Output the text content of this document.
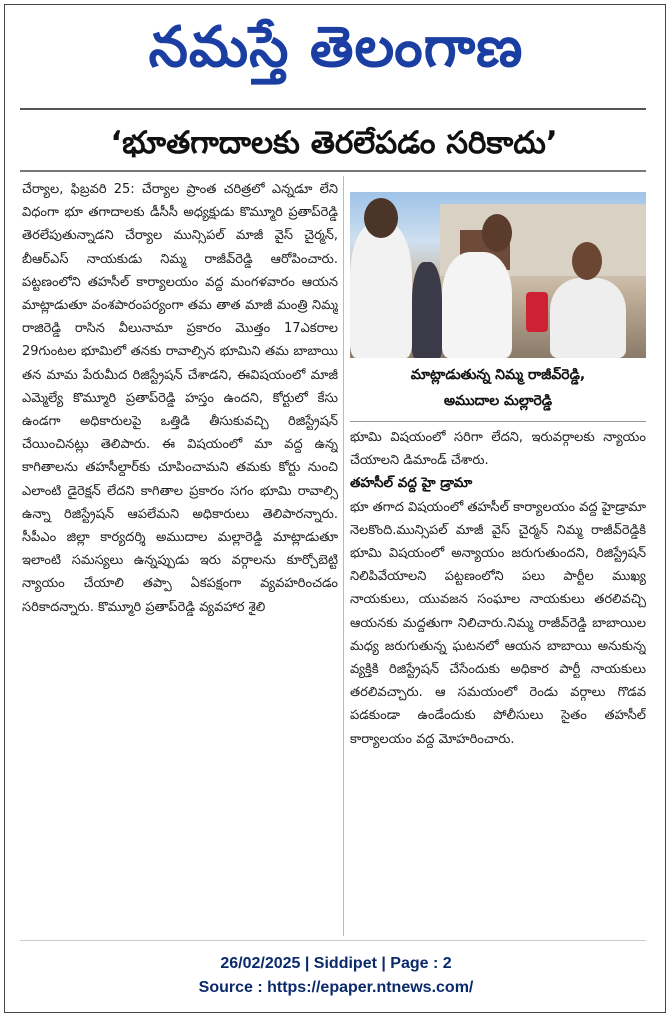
నమస్తే తెలంగాణ
‘భూతగాదాలకు తెరలేపడం సరికాదు’

చేర్యాల, ఫిబ్రవరి 25: చేర్యాల ప్రాంత చరిత్రలో ఎన్నడూ లేని విధంగా భూ తగాదాలకు డీసీసీ అధ్యక్షుడు కొమ్మూరి ప్రతాప్‌రెడ్డి తెరలేపుతున్నాడని చేర్యాల మున్సిపల్ మాజీ వైస్ చైర్మన్, బీఆర్ఎస్ నాయకుడు నిమ్మ రాజీవ్‌రెడ్డి ఆరోపించారు. పట్టణంలోని తహసీల్ కార్యాలయం వద్ద మంగళవారం ఆయన మాట్లాడుతూ వంశపారంపర్యంగా తమ తాత మాజీ మంత్రి నిమ్మ రాజిరెడ్డి రాసిన వీలునామా ప్రకారం మొత్తం 17ఎకరాల 29గుంటల భూమిలో తనకు రావాల్సిన భూమిని తమ బాబాయి తన మామ పేరుమీద రిజిస్ట్రేషన్ చేశాడని, ఈవిషయంలో మాజీ ఎమ్మెల్యే కొమ్మూరి ప్రతాప్‌రెడ్డి హస్తం ఉందని, కోర్టులో కేసు ఉండగా అధికారులపై ఒత్తిడి తీసుకువచ్చి రిజిస్ట్రేషన్ చేయించినట్లు తెలిపారు. ఈ విషయంలో మా వద్ద ఉన్న కాగితాలను తహసీల్దార్‌కు చూపించామని తమకు కోర్టు నుంచి ఎలాంటి డైరెక్షన్ లేదని కాగితాల ప్రకారం సగం భూమి రావాల్సి ఉన్నా రిజిస్ట్రేషన్ ఆపలేమని అధికారులు తెలిపారన్నారు. సీపీఎం జిల్లా కార్యదర్శి అముదాల మల్లారెడ్డి మాట్లాడుతూ ఇలాంటి సమస్యలు ఉన్నప్పుడు ఇరు వర్గాలను కూర్చోబెట్టి న్యాయం చేయాలి తప్పా ఏకపక్షంగా వ్యవహరించడం సరికాదన్నారు. కొమ్మూరి ప్రతాప్‌రెడ్డి వ్యవహార శైలి

మాట్లాడుతున్న నిమ్మ రాజీవ్‌రెడ్డి,
అముదాల మల్లారెడ్డి

భూమి విషయంలో సరిగా లేదని, ఇరువర్గాలకు న్యాయం చేయాలని డిమాండ్ చేశారు.

తహసీల్ వద్ద హై డ్రామా

భూ తగాద విషయంలో తహసీల్ కార్యాలయం వద్ద హైడ్రామా నెలకొంది.మున్సిపల్ మాజీ వైస్ చైర్మన్ నిమ్మ రాజీవ్‌రెడ్డికి భూమి విషయంలో అన్యాయం జరుగుతుందని, రిజిస్ట్రేషన్ నిలిపివేయాలని పట్టణంలోని పలు పార్టీల ముఖ్య నాయకులు, యువజన సంఘాల నాయకులు తరలివచ్చి ఆయనకు మద్దతుగా నిలిచారు.నిమ్మ రాజీవ్‌రెడ్డి బాబాయిల మధ్య జరుగుతున్న ఘటనలో ఆయన బాబాయి అనుకున్న వ్యక్తికి రిజిస్ట్రేషన్ చేసేందుకు అధికార పార్టీ నాయకులు తరలివచ్చారు. ఆ సమయంలో రెండు వర్గాలు గొడవ పడకుండా ఉండేందుకు పోలీసులు సైతం తహసీల్ కార్యాలయం వద్ద మోహరించారు.

26/02/2025 | Siddipet | Page : 2
Source : https://epaper.ntnews.com/
